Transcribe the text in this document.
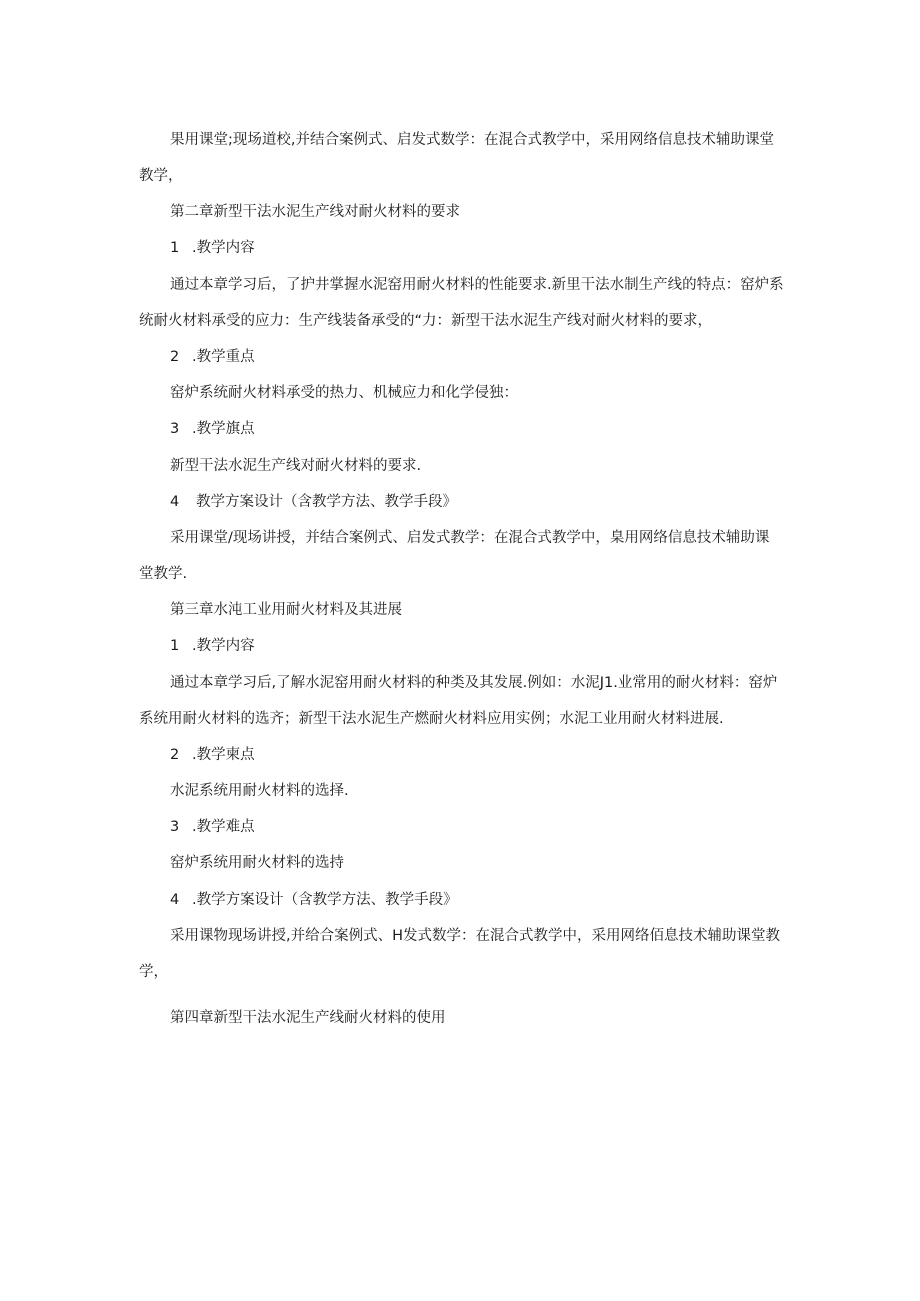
果用课堂;现场道校,并结合案例式、启发式数学：在混合式教学中，采用网络信息技术辅助课堂
教学，
第二章新型干法水泥生产线对耐火材料的要求
1 .教学内容
通过本章学习后，了护井掌握水泥窑用耐火材料的性能要求.新里干法水制生产线的特点：窑炉系
统耐火材料承受的应力：生产线装备承受的“力：新型干法水泥生产线对耐火材料的要求，
2 .教学重点
窑炉系统耐火材料承受的热力、机械应力和化学侵独：
3 .教学旗点
新型干法水泥生产线对耐火材料的要求.
4 教学方案设计（含教学方法、教学手段》
采用课堂/现场讲授，并结合案例式、启发式教学：在混合式教学中，臬用网络信息技术辅助课
堂教学.
第三章水沌工业用耐火材料及其进展
1 .教学内容
通过本章学习后,了解水泥窑用耐火材料的种类及其发展.例如：水泥J1.业常用的耐火材料：窑炉
系统用耐火材料的选齐；新型干法水泥生产燃耐火材料应用实例；水泥工业用耐火材料进展.
2 .教学柬点
水泥系统用耐火材料的选择.
3 .教学难点
窑炉系统用耐火材料的选持
4 .教学方案设计（含教学方法、教学手段》
采用课物现场讲授,并给合案例式、H发式数学：在混合式教学中，采用网络佰息技术辅助课堂教
学，
第四章新型干法水泥生产线耐火材料的使用
